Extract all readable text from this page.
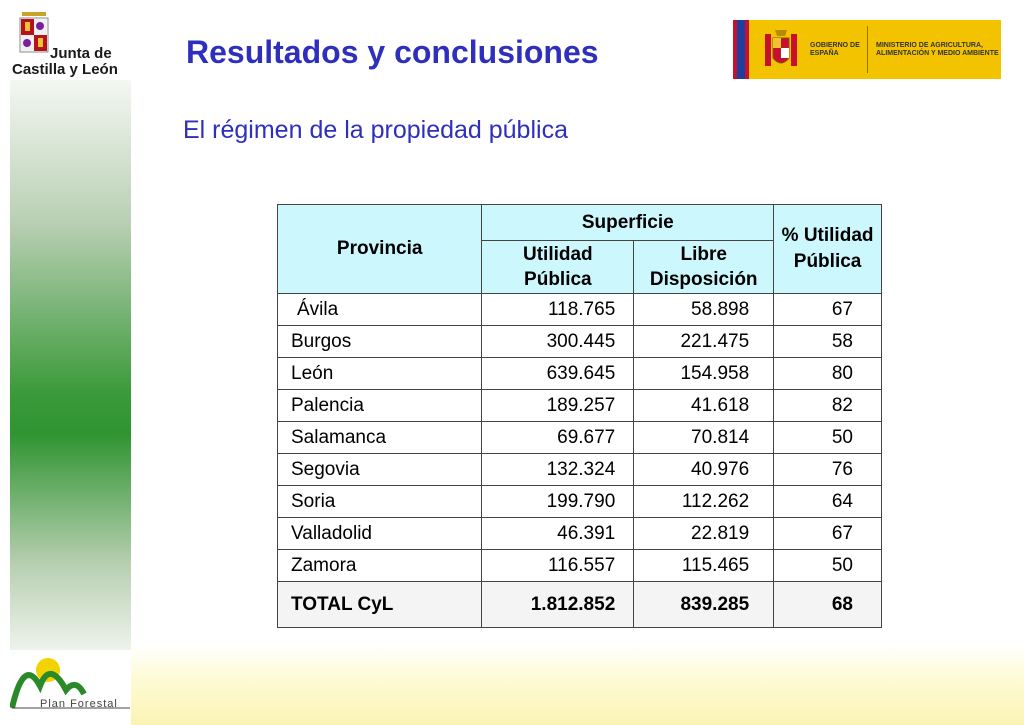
Junta de
Castilla y León
GOBIERNO DE ESPAÑA
MINISTERIO DE AGRICULTURA, ALIMENTACIÓN Y MEDIO AMBIENTE
Plan Forestal
Resultados y conclusiones
El régimen de la propiedad pública
Provincia	Superficie		% Utilidad Pública

	Utilidad Pública	Libre Disposición	

Ávila	118.765	58.898	67
Burgos	300.445	221.475	58
León	639.645	154.958	80
Palencia	189.257	41.618	82
Salamanca	69.677	70.814	50
Segovia	132.324	40.976	76
Soria	199.790	112.262	64
Valladolid	46.391	22.819	67
Zamora	116.557	115.465	50
TOTAL CyL	1.812.852	839.285	68
